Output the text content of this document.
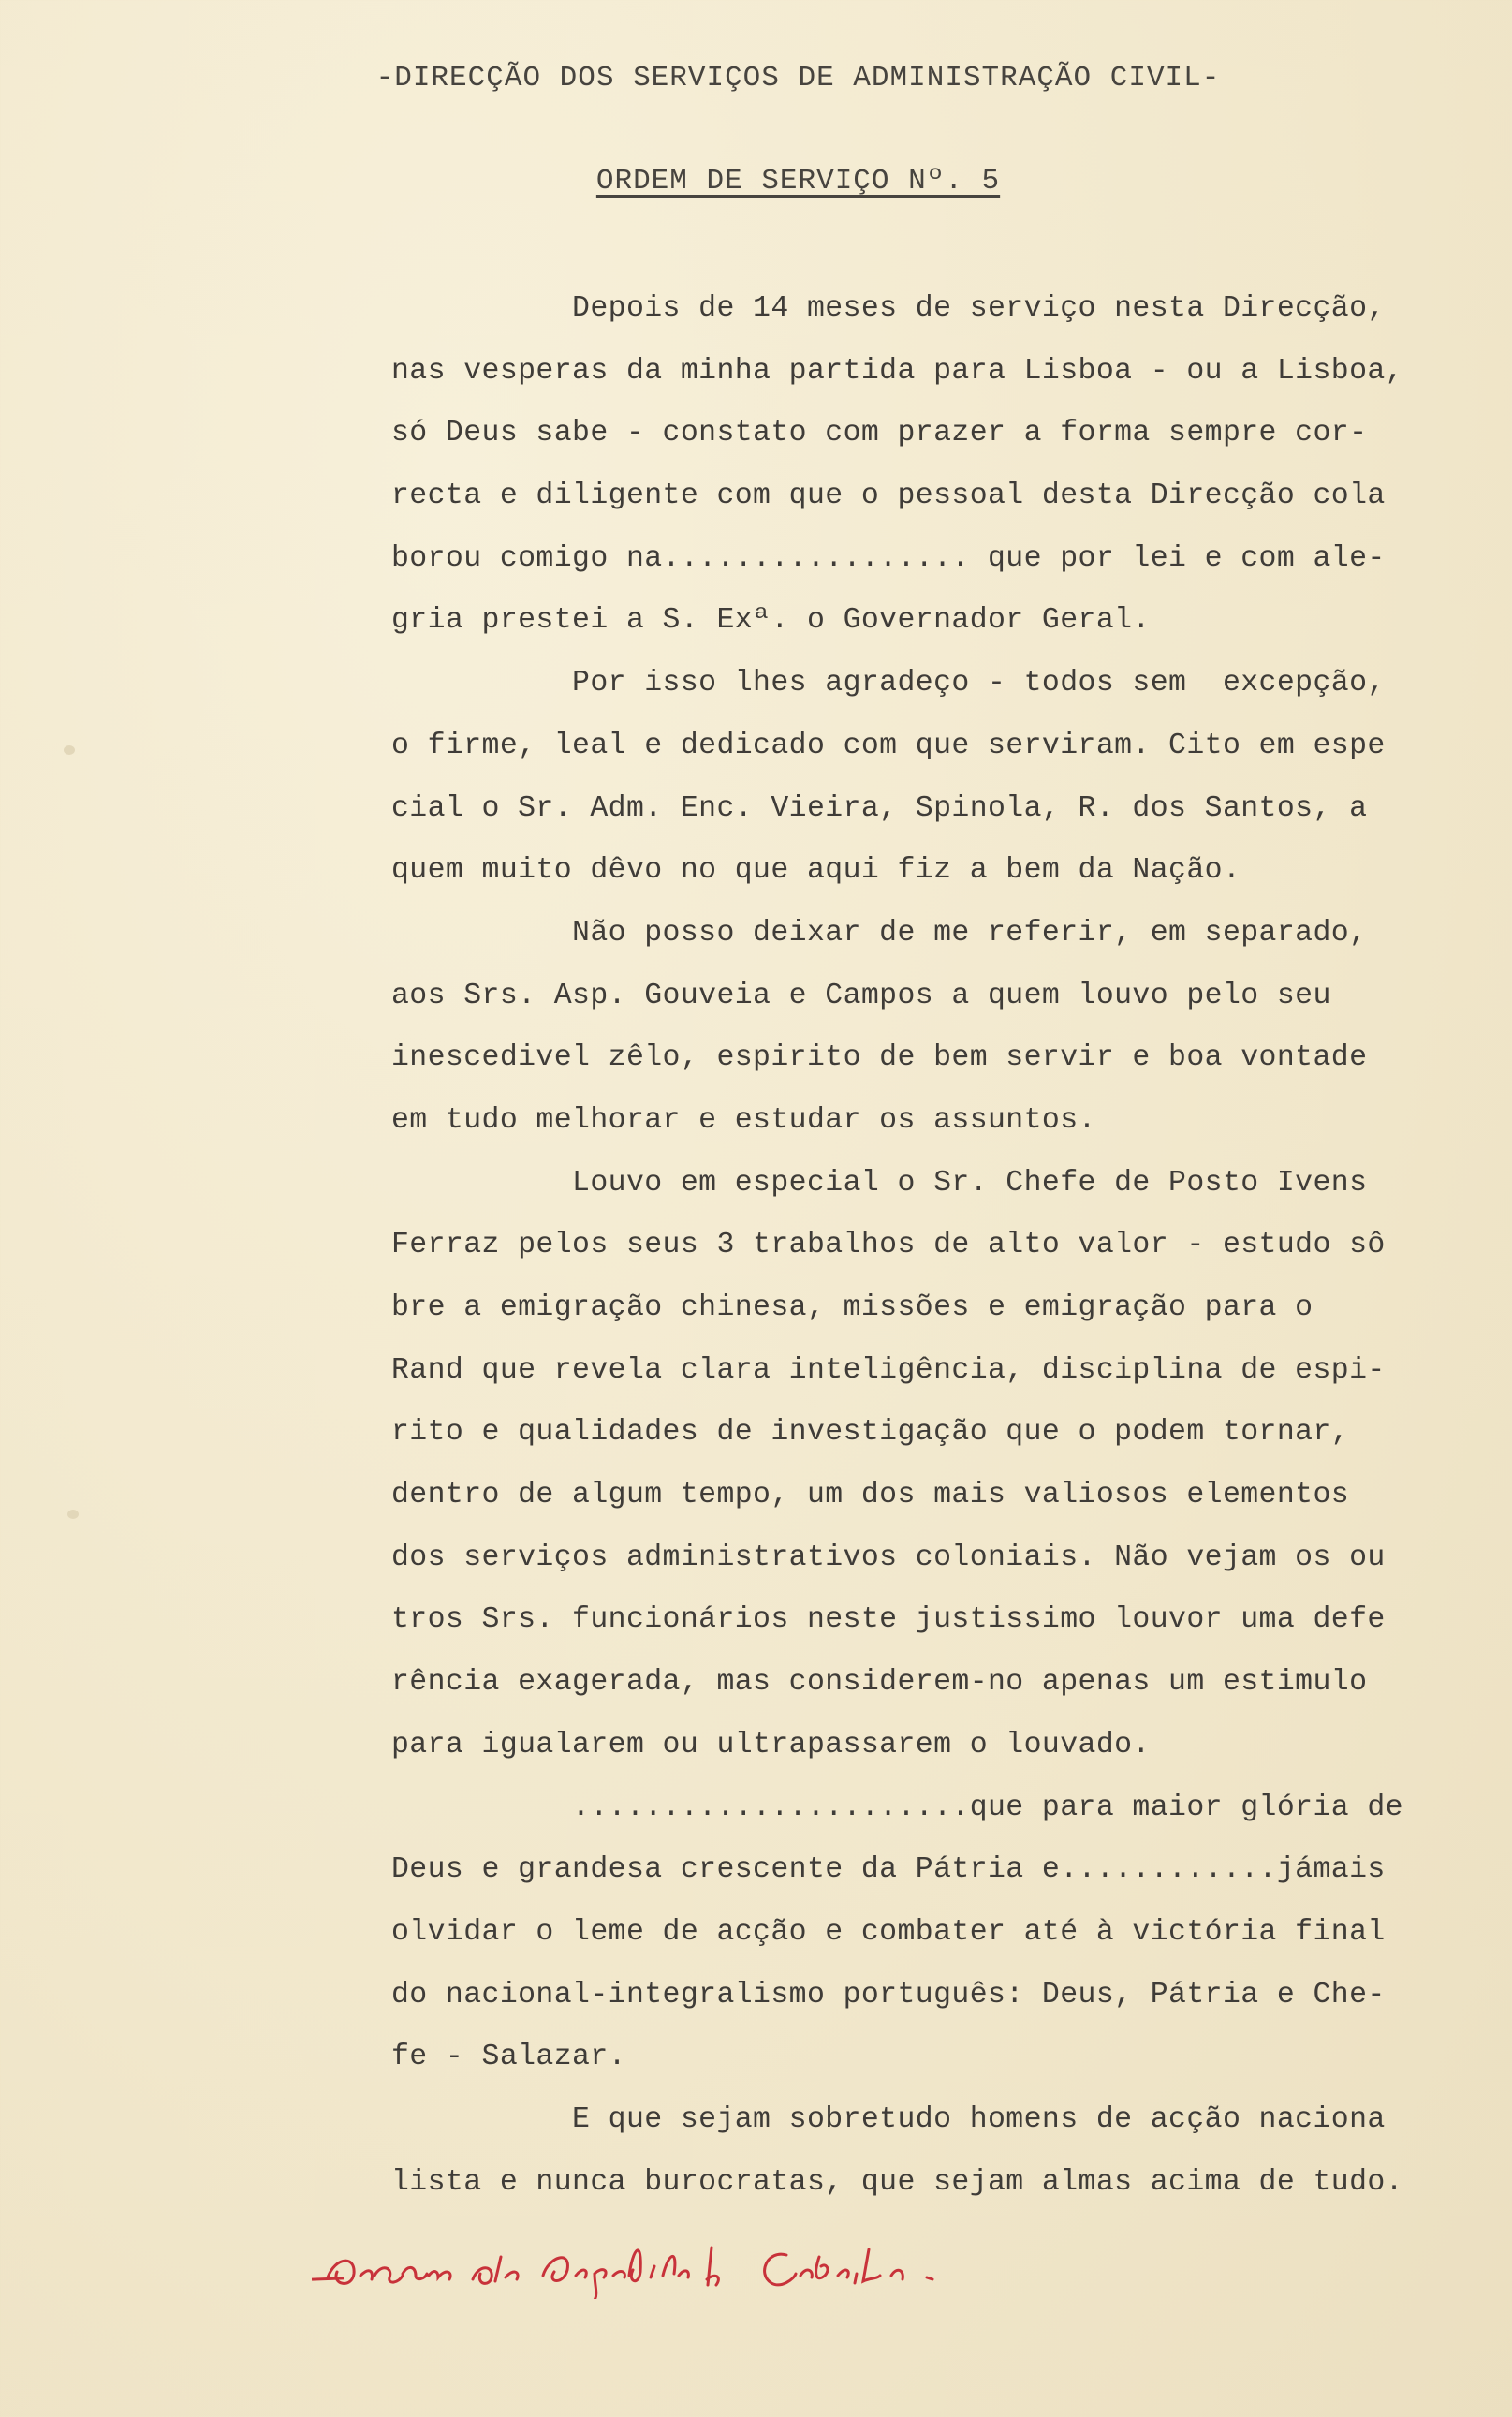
-DIRECÇÃO DOS SERVIÇOS DE ADMINISTRAÇÃO CIVIL-
ORDEM DE SERVIÇO Nº. 5
Depois de 14 meses de serviço nesta Direcção,
nas vesperas da minha partida para Lisboa - ou a Lisboa,
só Deus sabe - constato com prazer a forma sempre cor-
recta e diligente com que o pessoal desta Direcção cola
borou comigo na................. que por lei e com ale-
gria prestei a S. Exª. o Governador Geral.
Por isso lhes agradeço - todos sem  excepção,
o firme, leal e dedicado com que serviram. Cito em espe
cial o Sr. Adm. Enc. Vieira, Spinola, R. dos Santos, a
quem muito dêvo no que aqui fiz a bem da Nação.
Não posso deixar de me referir, em separado,
aos Srs. Asp. Gouveia e Campos a quem louvo pelo seu
inescedivel zêlo, espirito de bem servir e boa vontade
em tudo melhorar e estudar os assuntos.
Louvo em especial o Sr. Chefe de Posto Ivens
Ferraz pelos seus 3 trabalhos de alto valor - estudo sô
bre a emigração chinesa, missões e emigração para o
Rand que revela clara inteligência, disciplina de espi-
rito e qualidades de investigação que o podem tornar,
dentro de algum tempo, um dos mais valiosos elementos
dos serviços administrativos coloniais. Não vejam os ou
tros Srs. funcionários neste justissimo louvor uma defe
rência exagerada, mas considerem-no apenas um estimulo
para igualarem ou ultrapassarem o louvado.
......................que para maior glória de
Deus e grandesa crescente da Pátria e............jámais
olvidar o leme de acção e combater até à victória final
do nacional-integralismo português: Deus, Pátria e Che-
fe - Salazar.
E que sejam sobretudo homens de acção naciona
lista e nunca burocratas, que sejam almas acima de tudo.
Ordem de despedida do Cabrita.
